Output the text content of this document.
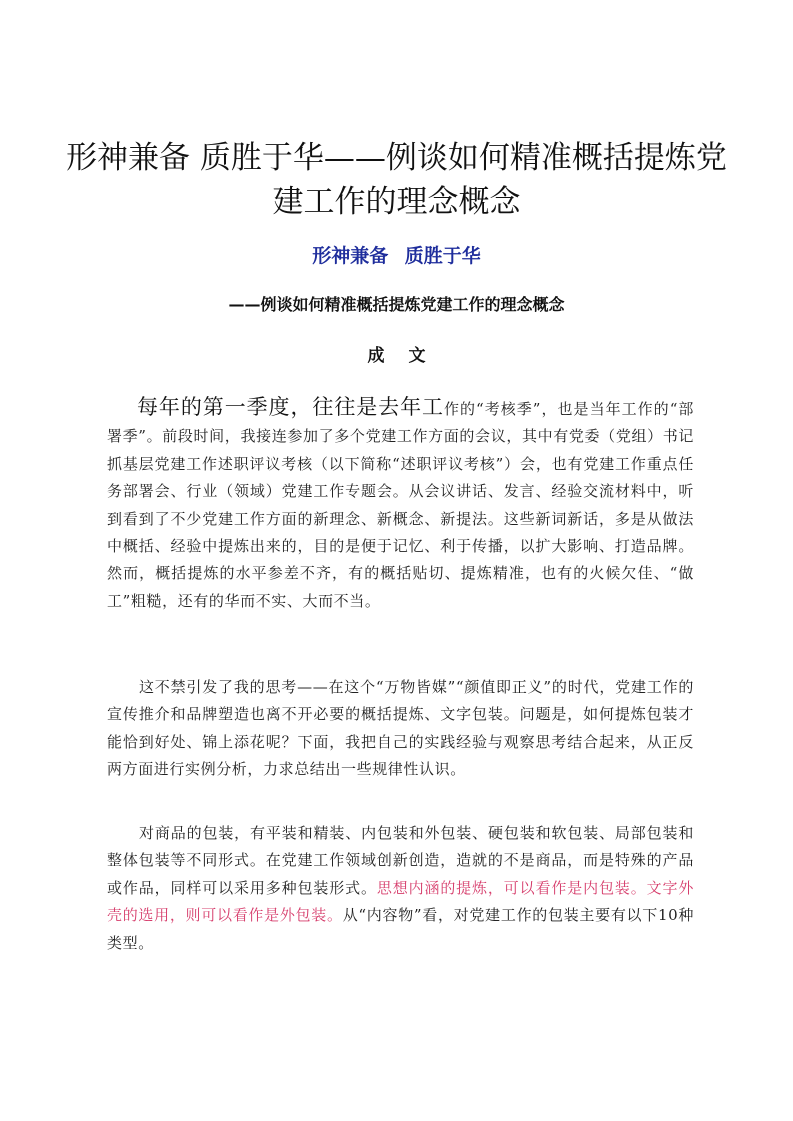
形神兼备 质胜于华——例谈如何精准概括提炼党建工作的理念概念
形神兼备 质胜于华
——例谈如何精准概括提炼党建工作的理念概念
成文

每年的第一季度，往往是去年工作的“考核季”，也是当年工作的“部署季”。前段时间，我接连参加了多个党建工作方面的会议，其中有党委（党组）书记抓基层党建工作述职评议考核（以下简称“述职评议考核”）会，也有党建工作重点任务部署会、行业（领域）党建工作专题会。从会议讲话、发言、经验交流材料中，听到看到了不少党建工作方面的新理念、新概念、新提法。这些新词新话，多是从做法中概括、经验中提炼出来的，目的是便于记忆、利于传播，以扩大影响、打造品牌。然而，概括提炼的水平参差不齐，有的概括贴切、提炼精准，也有的火候欠佳、“做工”粗糙，还有的华而不实、大而不当。

这不禁引发了我的思考——在这个“万物皆媒”“颜值即正义”的时代，党建工作的宣传推介和品牌塑造也离不开必要的概括提炼、文字包装。问题是，如何提炼包装才能恰到好处、锦上添花呢？下面，我把自己的实践经验与观察思考结合起来，从正反两方面进行实例分析，力求总结出一些规律性认识。

对商品的包装，有平装和精装、内包装和外包装、硬包装和软包装、局部包装和整体包装等不同形式。在党建工作领域创新创造，造就的不是商品，而是特殊的产品或作品，同样可以采用多种包装形式。思想内涵的提炼，可以看作是内包装。文字外壳的选用，则可以看作是外包装。从“内容物”看，对党建工作的包装主要有以下10种类型。
